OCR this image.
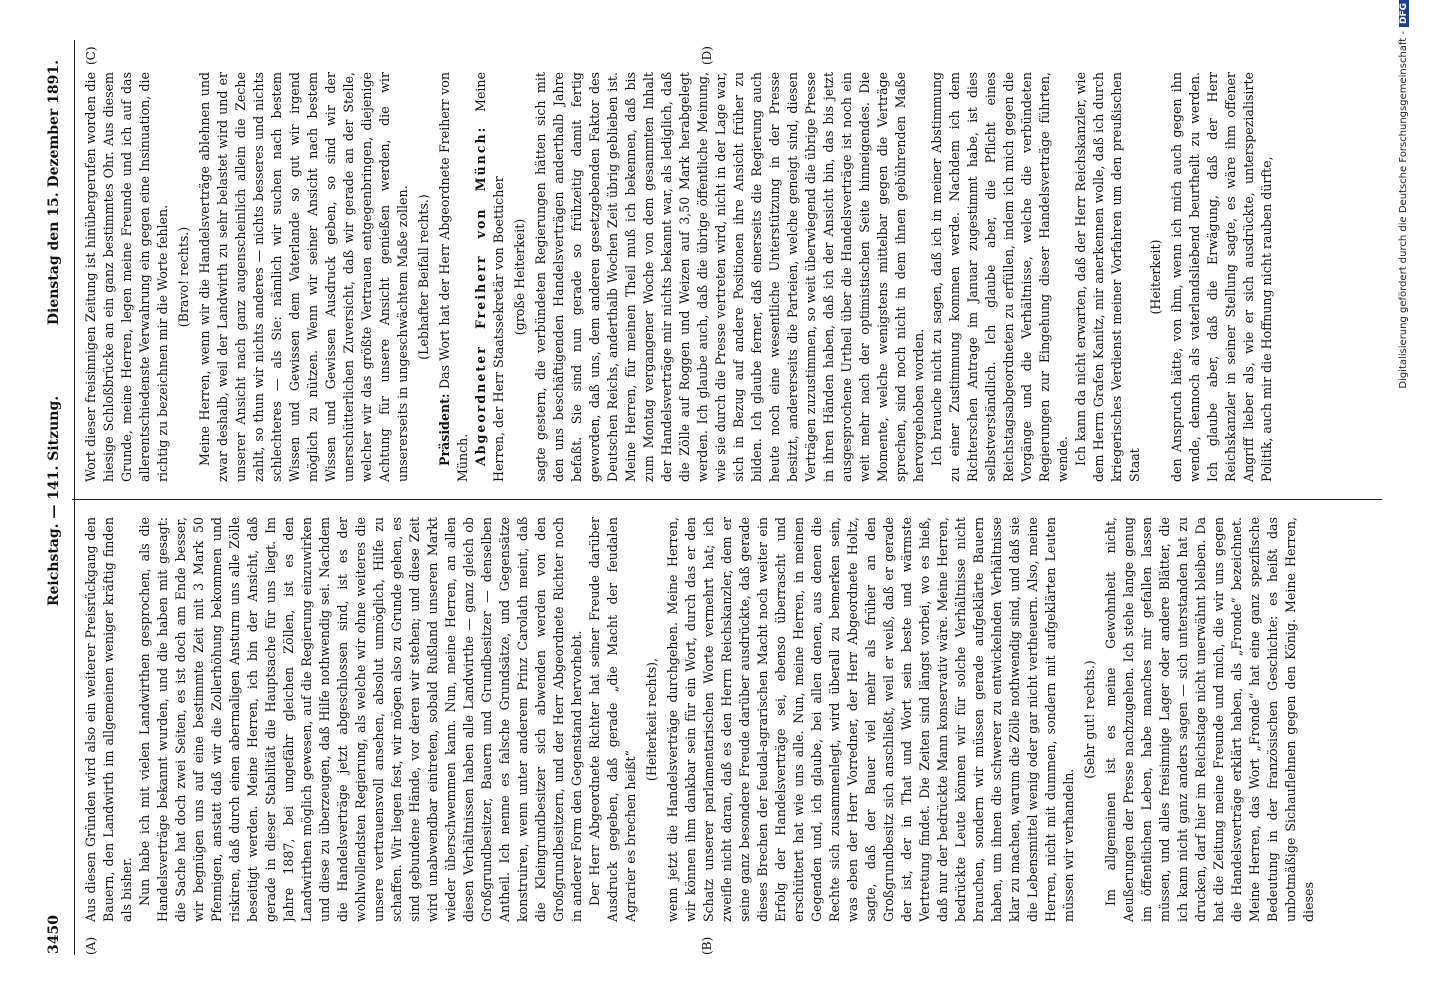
3450
Reichstag. — 141. Sitzung.
Dienstag den 15. Dezember 1891.
(A)	(B)
(C)	(D)

Aus diesen Gründen wird also ein weiterer Preisrückgang den Bauern, den Landwirth im allgemeinen weniger kräftig finden als bisher. Nun habe ich mit vielen Landwirthen gesprochen, als die Handelsverträge bekannt wurden, und die haben mit gesagt: die Sache hat doch zwei Seiten, es ist doch am Ende besser, wir begnügen uns auf eine bestimmte Zeit mit 3 Mark 50 Pfennigen, anstatt daß wir die Zollerhöhung bekommen und riskiren, daß durch einen abermaligen Ansturm uns alle Zölle beseitigt werden. Meine Herren, ich bin der Ansicht, daß gerade in dieser Stabilität die Hauptsache für uns liegt. Im Jahre 1887, bei ungefähr gleichen Zöllen, ist es den Landwirthen möglich gewesen, auf die Regierung einzuwirken und diese zu überzeugen, daß Hilfe nothwendig sei. Nachdem die Handelsverträge jetzt abgeschlossen sind, ist es der wohlwollendsten Regierung, als welche wir ohne weiteres die unsere vertrauensvoll ansehen, absolut unmöglich, Hilfe zu schaffen. Wir liegen fest, wir mögen also zu Grunde gehen, es sind gebundene Hände, vor deren wir stehen; und diese Zeit wird unabwendbar eintreten, sobald Rußland unseren Markt wieder überschwemmen kann. Nun, meine Herren, an allen diesen Verhältnissen haben alle Landwirthe — ganz gleich ob Großgrundbesitzer, Bauern und Grundbesitzer — denselben Antheil. Ich nenne es falsche Grundsätze, und Gegensätze konstruiren, wenn unter anderem Prinz Carolath meint, daß die Kleingrundbesitzer sich abwenden werden von den Großgrundbesitzern, und der Herr Abgeordnete Richter noch in anderer Form den Gegenstand hervorhebt. Der Herr Abgeordnete Richter hat seiner Freude darüber Ausdruck gegeben, daß gerade „die Macht der feudalen Agrarier es brechen heißt“

(Heiterkeit rechts), wenn jetzt die Handelsverträge durchgehen. Meine Herren, wir können ihm dankbar sein für ein Wort, durch das er den Schatz unserer parlamentarischen Worte vermehrt hat; ich zweifle nicht daran, daß es den Herrn Reichskanzler, dem er seine ganz besondere Freude darüber ausdrückte, daß gerade dieses Brechen der feudal-agrarischen Macht noch weiter ein Erfolg der Handelsverträge sei, ebenso überrascht und erschüttert hat wie uns alle. Nun, meine Herren, in meinen Gegenden und, ich glaube, bei allen denen, aus denen die Rechte sich zusammenlegt, wird überall zu bemerken sein, was eben der Herr Vorredner, der Herr Abgeordnete Holtz, sagte, daß der Bauer viel mehr als früher an den Großgrundbesitz sich anschließt, weil er weiß, daß er gerade der ist, der in That und Wort sein beste und wärmste Vertretung findet. Die Zeiten sind längst vorbei, wo es hieß, daß nur der bedrückte Mann konservativ wäre. Meine Herren, bedrückte Leute können wir für solche Verhältnisse nicht brauchen, sondern wir müssen gerade aufgeklärte Bauern haben, um ihnen die schwerer zu entwickelnden Verhältnisse klar zu machen, warum die Zölle nothwendig sind, und daß sie die Lebensmittel wenig oder gar nicht vertheuern. Also, meine Herren, nicht mit dummen, sondern mit aufgeklärten Leuten müssen wir verhandeln.

(Sehr gut! rechts.) Im allgemeinen ist es meine Gewohnheit nicht, Aeußerungen der Presse nachzugehen. Ich stehe lange genug im öffentlichen Leben, habe manches mir gefallen lassen müssen, und alles freisinnige Lager oder andere Blätter, die ich kann nicht ganz anders sagen — sich unterstanden hat zu drucken, darf hier im Reichstage nicht unerwähnt bleiben. Da hat die Zeitung meine Freunde und mich, die wir uns gegen die Handelsverträge erklärt haben, als „Fronde“ bezeichnet. Meine Herren, das Wort „Fronde“ hat eine ganz spezifische Bedeutung in der französischen Geschichte: es heißt das unbotmäßige Sichauflehnen gegen den König. Meine Herren, dieses

Wort dieser freisinnigen Zeitung ist hinübergerufen worden die hiesige Schloßbrücke an ein ganz bestimmtes Ohr. Aus diesem Grunde, meine Herren, legen meine Freunde und ich auf das allerentschiedenste Verwahrung ein gegen eine Insinuation, die richtig zu bezeichnen mir die Worte fehlen. (Bravo! rechts.) Meine Herren, wenn wir die Handelsverträge ablehnen und zwar deshalb, weil der Landwirth zu sehr belastet wird und er unserer Ansicht nach ganz augenscheinlich allein die Zeche zahlt, so thun wir nichts anderes — nichts besseres und nichts schlechteres — als Sie: nämlich wir suchen nach bestem Wissen und Gewissen dem Vaterlande so gut wir irgend möglich zu nützen. Wenn wir seiner Ansicht nach bestem Wissen und Gewissen Ausdruck geben, so sind wir der unerschütterlichen Zuversicht, daß wir gerade an der Stelle, welcher wir das größte Vertrauen entgegenbringen, diejenige Achtung für unsere Ansicht genießen werden, die wir unsererseits in ungeschwächtem Maße zollen. (Lebhafter Beifall rechts.)

Präsident: Das Wort hat der Herr Abgeordnete Freiherr von Münch. Abgeordneter Freiherr von Münch: Meine Herren, der Herr Staatssekretär von Boetticher (große Heiterkeit) sagte gestern, die verbündeten Regierungen hätten sich mit den uns beschäftigenden Handelsverträgen anderthalb Jahre befaßt. Sie sind nun gerade so frühzeitig damit fertig geworden, daß uns, dem anderen gesetzgebenden Faktor des Deutschen Reichs, anderthalb Wochen Zeit übrig geblieben ist. Meine Herren, für meinen Theil muß ich bekennen, daß bis zum Montag vergangener Woche von dem gesammten Inhalt der Handelsverträge mir nichts bekannt war, als lediglich, daß die Zölle auf Roggen und Weizen auf 3,50 Mark herabgelegt werden. Ich glaube auch, daß die übrige öffentliche Meinung, wie sie durch die Presse vertreten wird, nicht in der Lage war, sich in Bezug auf andere Positionen ihre Ansicht früher zu bilden. Ich glaube ferner, daß einerseits die Regierung auch heute noch eine wesentliche Unterstützung in der Presse besitzt, andererseits die Parteien, welche geneigt sind, diesen Verträgen zuzustimmen, so weit überwiegend die übrige Presse in ihren Händen haben, daß ich der Ansicht bin, das bis jetzt ausgesprochene Urtheil über die Handelsverträge ist noch ein weit mehr nach der optimistischen Seite hinneigendes. Die Momente, welche wenigstens mittelbar gegen die Verträge sprechen, sind noch nicht in dem ihnen gebührenden Maße hervorgehoben worden. Ich brauche nicht zu sagen, daß ich in meiner Abstimmung zu einer Zustimmung kommen werde. Nachdem ich dem Richterschen Antrage im Januar zugestimmt habe, ist dies selbstverständlich. Ich glaube aber, die Pflicht eines Reichstagsabgeordneten zu erfüllen, indem ich mich gegen die Vorgänge und die Verhältnisse, welche die verbündeten Regierungen zur Eingehung dieser Handelsverträge führten, wende. Ich kann da nicht erwarten, daß der Herr Reichskanzler, wie dem Herrn Grafen Kanitz, mir anerkennen wolle, daß ich durch kriegerisches Verdienst meiner Vorfahren um den preußischen Staat

(Heiterkeit) den Anspruch hätte, von ihm, wenn ich mich auch gegen ihn wende, dennoch als vaterlandsliebend beurtheilt zu werden. Ich glaube aber, daß die Erwägung, daß der Herr Reichskanzler in seiner Stellung sagte, es wäre ihm offener Angriff lieber als, wie er sich ausdrückte, unterspezialisirte Politik, auch mir die Hoffnung nicht rauben dürfte,	Digitalisierung gefördert durch die Deutsche Forschungsgemeinschaft -DFG
